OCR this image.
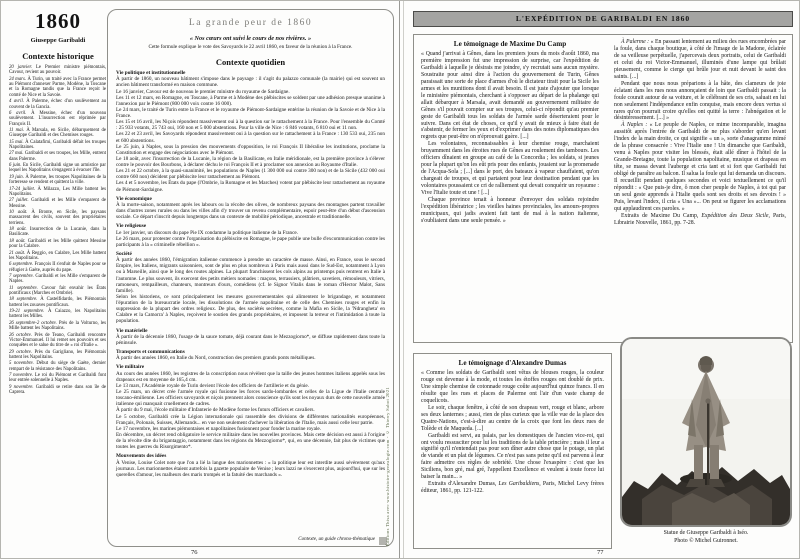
1860
Giuseppe Garibaldi
Contexte historique

20 janvier. Le Premier ministre piémontais, Cavour, revient au pouvoir.

24 mars. À Turin, un traité avec la France permet au Piémont d'annexer Parme, Modène, la Toscane et la Romagne tandis que la France reçoit le comté de Nice et la Savoie.

4 avril. À Palerme, échec d'un soulèvement au couvent de la Gancia.

6 avril. À Messine, échec d'un nouveau soulèvement. L'insurrection est réprimée par François II.

11 mai. À Marsala, en Sicile, débarquement de Giuseppe Garibaldi et des Chemises rouges.

15 mai. À Calatafimi, Garibaldi défait les troupes Napolitaines.

27 mai. Garibaldi et ses troupes, les Mille, entrent dans Palerme.

6 juin. En Sicile, Garibaldi signe un armistice par lequel les Napolitains s'engagent à évacuer l'île.

19 juin. À Palerme, les troupes Napolitaines de la forteresse se rendent et quittent la ville.

17-24 juillet. À Milazzo, Les Mille battent les Napolitains.

27 juillet. Garibaldi et les Mille s'emparent de Messine.

10 août. À Bronte, en Sicile, les paysans massacrent des civils, souvent des propriétaires terriens.

18 août. Insurrection de la Lucanie, dans la Basilicate.

18 août. Garibaldi et les Mille quittent Messine pour la Calabre.

21 août. À Reggio, en Calabre, Les Mille battent les Napolitains.

6 septembre. François II s'enfuit de Naples pour se réfugier à Gaète, auprès du pape.

7 septembre. Garibaldi et les Mille s'emparent de Naples.

11 septembre. Cavour fait envahir les États pontificaux (Marches et Ombrie).

18 septembre. À Castelfidardo, les Piémontais battent les zouaves pontificaux.

19-21 septembre. À Caiazzo, les Napolitains battent les Milles.

26 septembre-2 octobre. Près de la Volturno, les Mille battent les Napolitains.

26 octobre. Près de Teano, Garibaldi rencontre Victor-Emmanuel. Il lui remet ses pouvoirs et ses conquêtes et le salue du titre de « roi d'Italie ».

29 octobre. Près du Garigliano, les Piémontais battent les Napolitains.

5 novembre. Début du siège de Gaète, dernier rempart de la résistance des Napolitains.

7 novembre. Le roi du Piémont et Garibaldi font leur entrée solennelle à Naples.

9 novembre. Garibaldi se retire dans son île de Caprera.

La grande peur de 1860
« Nos cœurs ont suivi le cours de nos rivières. »
Cette formule explique le vote des Savoyards le 22 avril 1860, en faveur de la réunion à la France.
Contexte quotidien
Vie politique et institutionnelle

À partir de 1860, un nouveau bâtiment s'impose dans le paysage : il s'agit du palazzo comunale (la mairie) qui est souvent un ancien bâtiment transformé en maison commune.

Le 16 janvier, Cavour est de nouveau le premier ministre du royaume de Sardaigne.

Les 11 et 12 mars, en Romagne, en Toscane, à Parme et à Modène des plébiscites se soldent par une adhésion presque unanime à l'annexion par le Piémont (800 000 voix contre 16 000).

Le 24 mars, le traité de Turin entre la France et le royaume de Piémont-Sardaigne entérine la réunion de la Savoie et de Nice à la France.

Les 15 et 16 avril, les Niçois répondent massivement oui à la question sur le rattachement à la France. Pour l'ensemble du Comté : 25 933 votants, 25 743 oui, 160 non et 5 000 abstentions. Pour la ville de Nice : 6 846 votants, 6 810 oui et 11 non.

Les 22 et 23 avril, les Savoyards répondent massivement oui à la question sur le rattachement à la France : 130 533 oui, 235 non et 600 abstentions.

Le 25 juin, à Naples, sous la pression des mouvements d'opposition, le roi François II libéralise les institutions, proclame la Constitution et engage des négociations avec le Piémont.

Le 18 août, avec l'insurrection de la Lucanie, la région de la Basilicate, en Italie méridionale, est la première province à s'élever contre le pouvoir des Bourbons, à déclarer déchu le roi François II et à proclamer son annexion au Royaume d'Italie.

Les 21 et 22 octobre, à la quasi-unanimité, les populations de Naples (1 300 000 oui contre 300 non) et de la Sicile (432 000 oui contre 660 non) décident par plébiscite leur rattachement au Piémont.

Les 4 et 5 novembre, les États du pape (l'Ombrie, la Romagne et les Marches) votent par plébiscite leur rattachement au royaume de Piémont-Sardaigne.

Vie économique

À la morte-saison, notamment après les labours ou la récolte des olives, de nombreux paysans des montagnes partent travailler dans d'autres zones rurales ou dans les villes afin d'y trouver un revenu complémentaire, espoir peut-être d'un début d'ascension sociale. Ce départ s'inscrit depuis longtemps dans un contexte de mobilité périodique, ancestrale et traditionnelle.

Vie religieuse

Le 1er janvier, un discours du pape Pie IX condamne la politique italienne de la France.

Le 26 mars, pour protester contre l'organisation du plébiscite en Romagne, le pape publie une bulle d'excommunication contre les participants à la « criminelle rébellion ».

Société

À partir des années 1860, l'émigration italienne commence à prendre un caractère de masse. Ainsi, en France, sous le second Empire, les Italiens, migrants saisonniers, sont de plus en plus nombreux à Paris mais aussi dans le Sud-Est, notamment à Lyon ou à Marseille, ainsi que le long des routes alpines. La plupart franchissent les cols alpins au printemps puis rentrent en Italie à l'automne. Le plus souvent, ils exercent des petits métiers nomades : maçons, terrassiers, plâtriers, savetiers, rémouleurs, vitriers, ramoneurs, rempailleurs, chanteurs, montreurs d'ours, comédiens (cf. le Signor Vitalis dans le roman d'Hector Malot, Sans famille).

Selon les historiens, ce sont principalement les mesures gouvernementales qui alimentent le brigandage, et notamment l'épuration de la bureaucratie locale, les dissolutions de l'armée napolitaine et de celle des Chemises rouges et enfin la suppression de la plupart des ordres religieux. De plus, des sociétés secrètes, comme la Mafia en Sicile, la 'Ndrangheta' en Calabre et la Camorra' à Naples, reçoivent le soutien des grands propriétaires, et imposent la terreur et l'intimidation à toute la population.

Vie matérielle

À partir de la décennie 1860, l'usage de la sauce tomate, déjà courant dans le Mezzogiorno*, se diffuse rapidement dans toute la péninsule.

Transports et communications

À partir des années 1860, en Italie du Nord, construction des premiers grands ponts métalliques.

Vie militaire

Au cours des années 1860, les registres de la conscription nous révèlent que la taille des jeunes hommes italiens appelés sous les drapeaux est en moyenne de 165,4 cm.

Le 13 mars, l'Académie royale de Turin devient l'école des officiers de l'artillerie et du génie.

Le 25 mars, un décret crée l'armée royale qui fusionne les forces sardo-lombardes et celles de la Ligue de l'Italie centrale toscano-émilienne. Les officiers savoyards et niçois prennent alors conscience qu'ils sont les noyaux durs de cette nouvelle armée italienne qui manquait cruellement de cadres.

À partir du 9 mai, l'école militaire d'Infanterie de Modène forme les futurs officiers et cavaliers.

Le 5 octobre, Garibaldi crée la Légion internationale qui rassemble des divisions de différentes nationalités européennes, Français, Polonais, Suisses, Allemands... en vue non seulement d'achever la libération de l'Italie, mais aussi celle leur patrie.

Le 17 novembre, les marines piémontaises et napolitaines fusionnent pour fonder la marine royale.

En décembre, un décret rend obligatoire le service militaire dans les nouvelles provinces. Mais cette décision est aussi à l'origine de la révolte dite du brigantaggio, notamment dans les régions du Mezzogiorno*, qui, en une décennie, fait plus de victimes que toutes les guerres du Risorgimento*.

Mouvements des idées

À Venise, Louise Colet note que l'on a lié la langue des marionnettes : « la politique leur est interdite aussi sévèrement qu'aux journaux. Les marionnettes étaient autrefois la gazette populaire de Venise ; leurs lazzi ne s'exercent plus, aujourd'hui, que sur les querelles d'amour, les malheurs des maris trompés et la fatuité des marchands ».

Contexte, un guide chrono-thématique Éditions Thisa avec www.histoire-genealogie.com - © Thierry Sabot 2021
76
L'EXPÉDITION DE GARIBALDI EN 1860
Le témoignage de Maxime Du Camp

« Quand j'arrivai à Gênes, dans les premiers jours du mois d'août 1860, ma première impression fut une impression de surprise, car l'expédition de Garibaldi à laquelle je désirais me joindre, s'y recrutait sans aucun mystère. Soustraite pour ainsi dire à l'action du gouvernement de Turin, Gênes paraissait une sorte de place d'armes d'où le dictateur tirait pour la Sicile les armes et les munitions dont il avait besoin. Il est juste d'ajouter que lorsque le ministère piémontais, cherchant à s'opposer au départ de la phalange qui allait débarquer à Marsala, avait demandé au gouvernement militaire de Gênes s'il pouvait compter sur ses troupes, celui-ci répondit qu'au premier geste de Garibaldi tous les soldats de l'armée sarde déserteraient pour le suivre. Dans cet état de choses, ce qu'il y avait de mieux à faire était de s'abstenir, de fermer les yeux et d'exprimer dans des notes diplomatiques des regrets que peut-être on n'éprouvait guère. [...]

Les volontaires, reconnaissables à leur chemise rouge, marchaient bruyamment dans les étroites rues de Gênes au roulement des tambours. Les officiers dînaient en groupe au café de la Concordia ; les soldats, si jeunes pour la plupart qu'on les eût pris pour des enfants, jouaient sur la promenade de l'Acqua-Sola ; [...] dans le port, des bateaux à vapeur chauffaient, qu'on chargeait de troupes, et qui partaient pour leur destination pendant que les volontaires poussaient ce cri de ralliement qui devait conquérir un royaume : Vive l'Italie toute et une ! [...]

Chaque province tenait à honneur d'envoyer des soldats rejoindre l'expédition libératrice ; les vieilles haines provinciales, les amours-propres municipaux, qui jadis avaient fait tant de mal à la nation italienne, s'oubliaient dans une seule pensée. »

À Palerme : « En passant lentement au milieu des rues encombrées par la foule, dans chaque boutique, à côté de l'image de la Madone, éclairée de sa veilleuse perpétuelle, j'apercevais deux portraits, celui de Garibaldi et celui du roi Victor-Emmanuel, illuminés d'une lampe qui brûlait pieusement, comme le cierge qui brûle jour et nuit devant le saint des saints. [...]

Pendant que nous nous préparions à la hâte, des clameurs de joie éclatant dans les rues nous annonçaient de loin que Garibaldi passait : la foule courait autour de sa voiture, et le célébrant de ses cris, saluait en lui non seulement l'indépendance enfin conquise, mais encore deux vertus si rares qu'on pourrait croire qu'elles ont quitté la terre : l'abnégation et le désintéressement. [...] »

À Naples : « Le peuple de Naples, ce mime incomparable, imagina aussitôt après l'entrée de Garibaldi de ne plus s'aborder qu'en levant l'index de la main droite, ce qui signifie « un », sorte d'anagramme mimé de la phrase consacrée : Vive l'Italie une ! Un dimanche que Garibaldi, venu à Naples pour visiter les blessés, était allé dîner à l'hôtel de la Grande-Bretagne, toute la population napolitaine, musique et drapeau en tête, se massa devant l'auberge et cria tant et si fort que Garibaldi fut obligé de paraître au balcon. Il salua la foule qui lui demanda un discours. Il recueillit pendant quelques secondes et voici textuellement ce qu'il répondit : « Que puis-je dire, ô mon cher peuple de Naples, à toi qui par un seul geste apprends à l'Italie quels sont ses droits et ses devoirs ! » Puis, levant l'index, il cria « Una »... On peut se figurer les acclamations qui applaudirent ces paroles. »

Extraits de Maxime Du Camp, Expédition des Deux Sicile, Paris, Librairie Nouvelle, 1861, pp. 7-28.

Le témoignage d'Alexandre Dumas

« Comme les soldats de Garibaldi sont vêtus de blouses rouges, la couleur rouge est devenue à la mode, et toutes les étoffes rouges ont doublé de prix. Une simple chemise de cotonnade rouge coûte aujourd'hui quinze francs. Il en résulte que les rues et places de Palerme ont l'air d'un vaste champ de coquelicots.

Le soir, chaque fenêtre, à côté de son drapeau vert, rouge et blanc, arbore ses deux lanternes ; aussi, rien de plus curieux que la ville vue de la place des Quatre-Nations, c'est-à-dire au centre de la croix que font les deux rues de Tolède et de Maqueda. [...]

Garibaldi est servi, au palais, par les domestiques de l'ancien vice-roi, qui ont voulu ressusciter pour lui les traditions de la table princière ; mais il leur a signifié qu'il n'entendait pas pour son dîner autre chose que le potage, un plat de viande et un plat de légumes. Ce n'est pas sans peine qu'il est parvenu à leur faire admettre ces règles de sobriété. Une chose l'exaspère : c'est que les Siciliens, bon gré, mal gré, l'appellent Excellence et veulent à toute force lui baiser la main... »

Extraits d'Alexandre Dumas, Les Garibaldiens, Paris, Michel Levy frères éditeur, 1861, pp. 121-122.

Statue de Giuseppe Garibaldi à Iséo.
Photo © Michel Guironnet.
77
